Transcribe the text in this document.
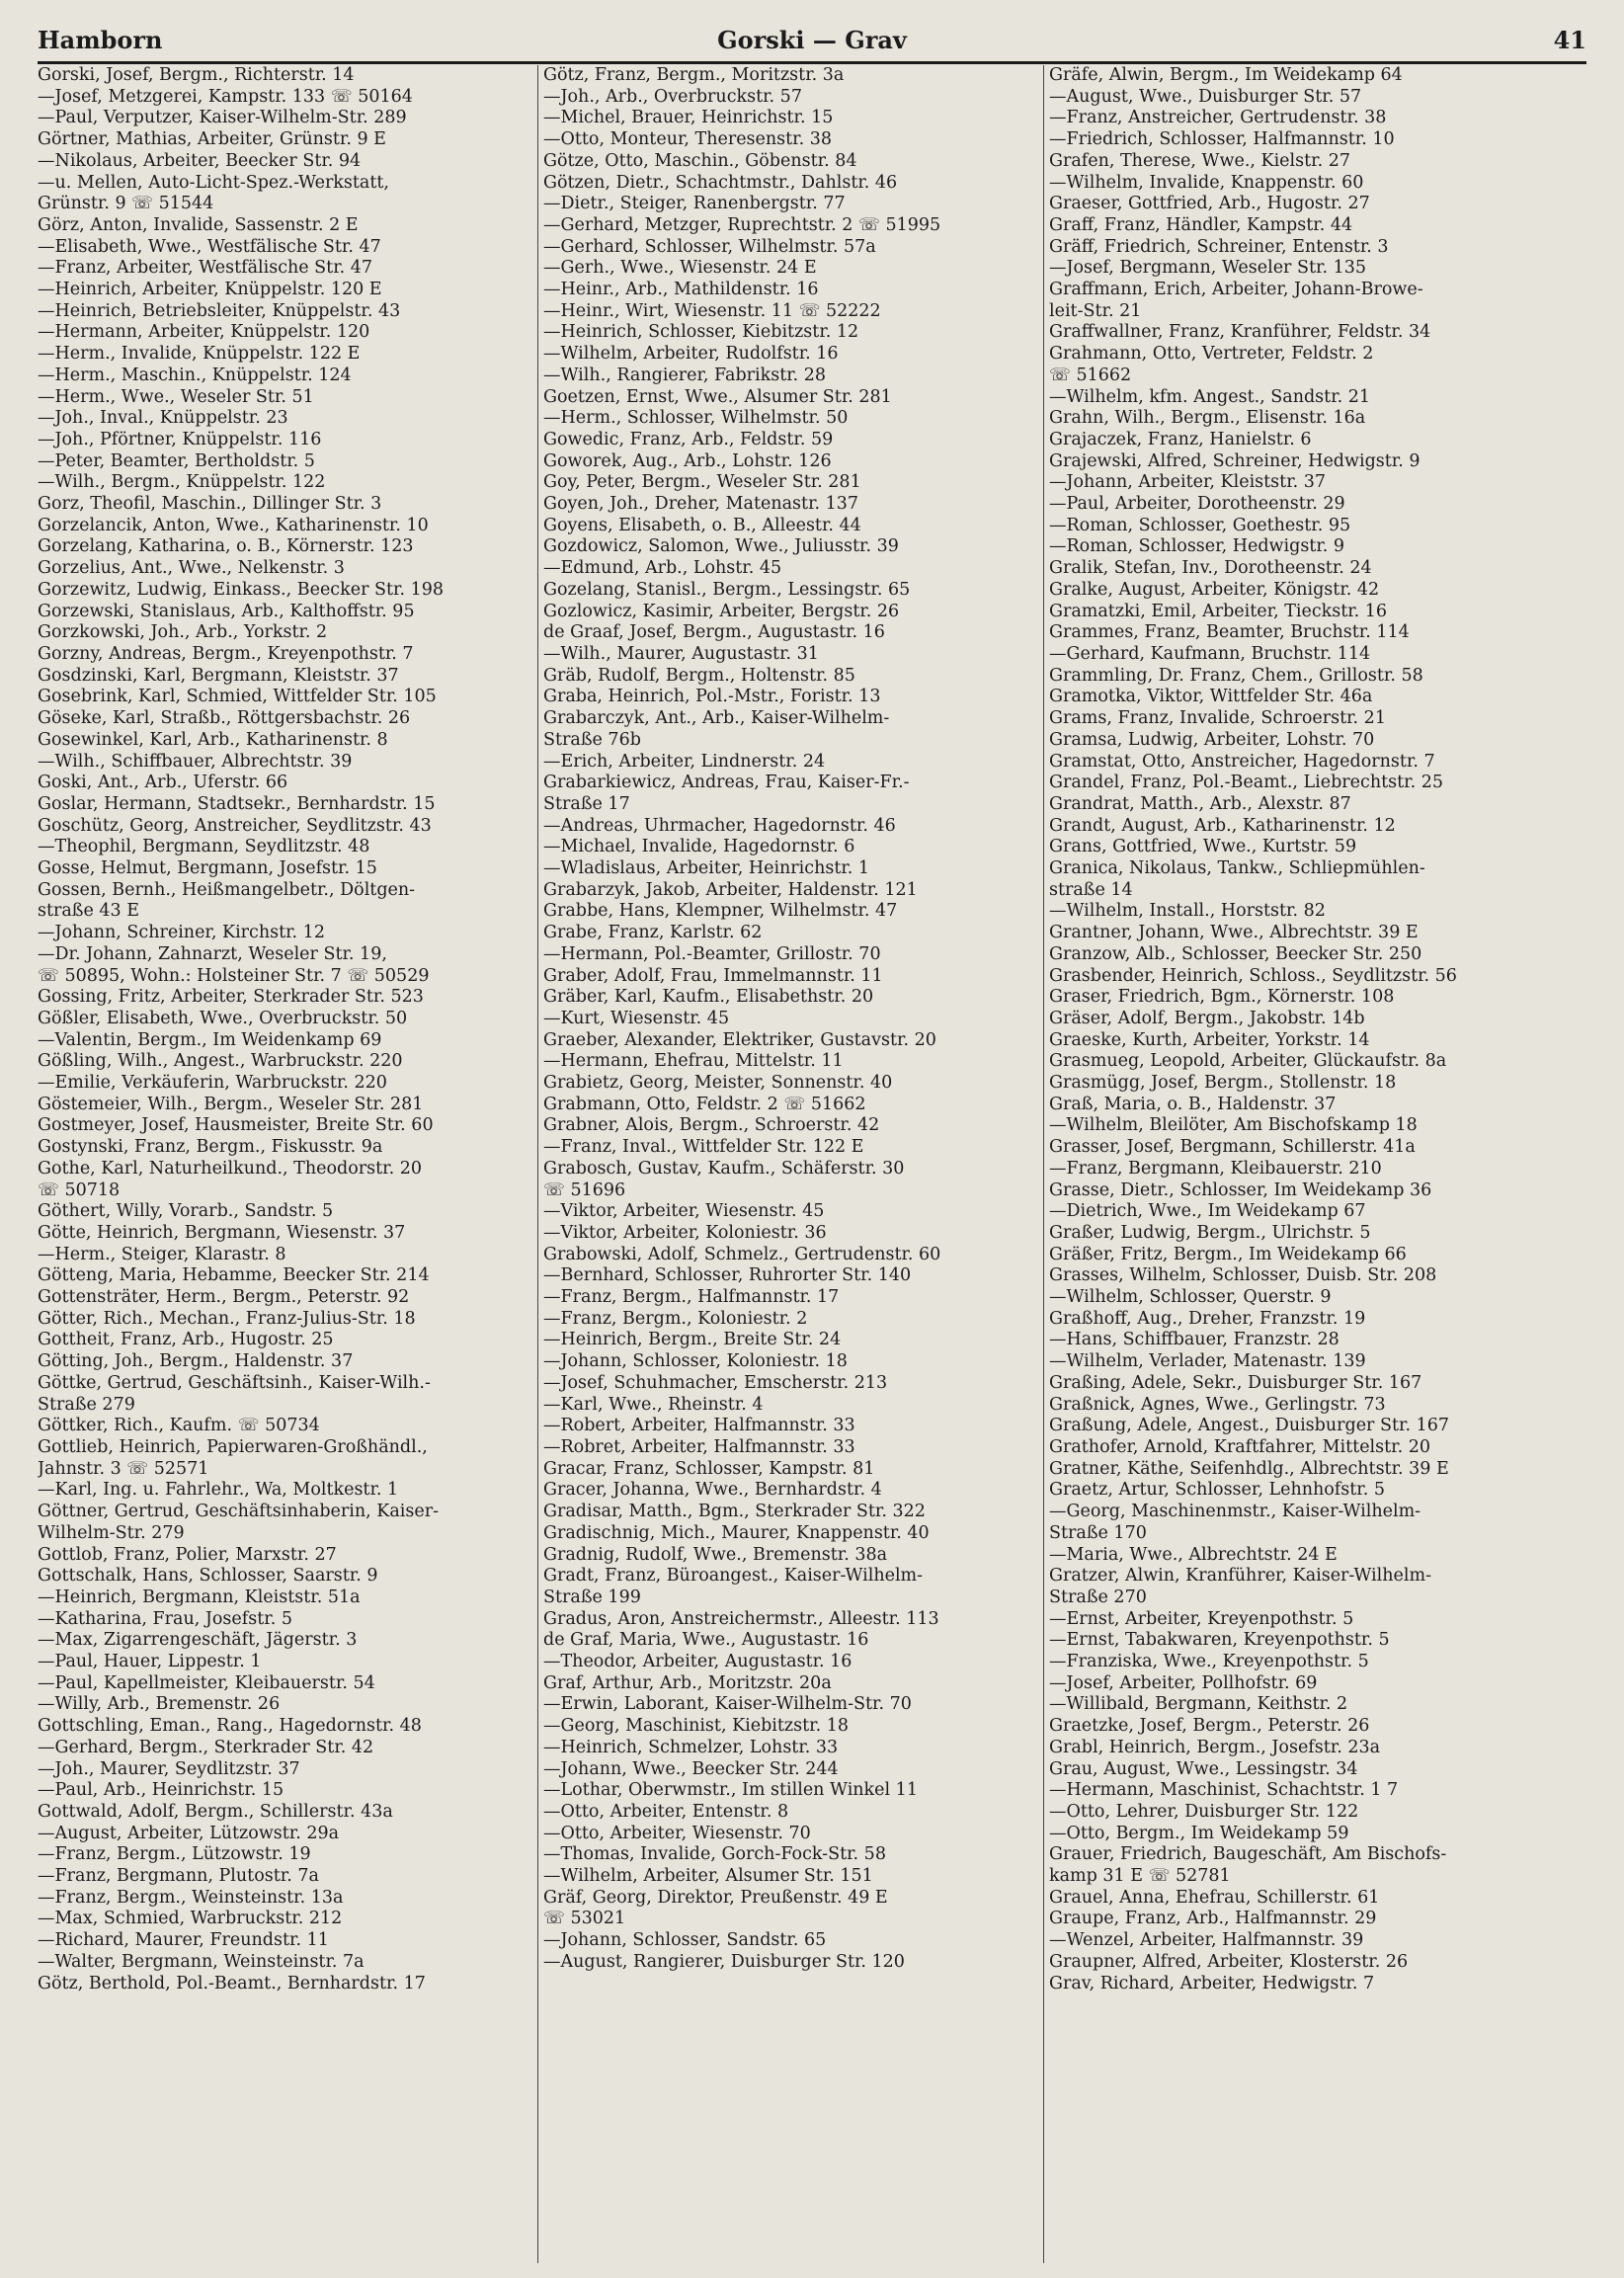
Hamborn	Gorski — Grav	41
Gorski, Josef, Bergm., Richterstr. 14
—Josef, Metzgerei, Kampstr. 133 ☏ 50164
—Paul, Verputzer, Kaiser-Wilhelm-Str. 289
Görtner, Mathias, Arbeiter, Grünstr. 9 E
—Nikolaus, Arbeiter, Beecker Str. 94
—u. Mellen, Auto-Licht-Spez.-Werkstatt,
Grünstr. 9 ☏ 51544
Görz, Anton, Invalide, Sassenstr. 2 E
—Elisabeth, Wwe., Westfälische Str. 47
—Franz, Arbeiter, Westfälische Str. 47
—Heinrich, Arbeiter, Knüppelstr. 120 E
—Heinrich, Betriebsleiter, Knüppelstr. 43
—Hermann, Arbeiter, Knüppelstr. 120
—Herm., Invalide, Knüppelstr. 122 E
—Herm., Maschin., Knüppelstr. 124
—Herm., Wwe., Weseler Str. 51
—Joh., Inval., Knüppelstr. 23
—Joh., Pförtner, Knüppelstr. 116
—Peter, Beamter, Bertholdstr. 5
—Wilh., Bergm., Knüppelstr. 122
Gorz, Theofil, Maschin., Dillinger Str. 3
Gorzelancik, Anton, Wwe., Katharinenstr. 10
Gorzelang, Katharina, o. B., Körnerstr. 123
Gorzelius, Ant., Wwe., Nelkenstr. 3
Gorzewitz, Ludwig, Einkass., Beecker Str. 198
Gorzewski, Stanislaus, Arb., Kalthoffstr. 95
Gorzkowski, Joh., Arb., Yorkstr. 2
Gorzny, Andreas, Bergm., Kreyenpothstr. 7
Gosdzinski, Karl, Bergmann, Kleiststr. 37
Gosebrink, Karl, Schmied, Wittfelder Str. 105
Göseke, Karl, Straßb., Röttgersbachstr. 26
Gosewinkel, Karl, Arb., Katharinenstr. 8
—Wilh., Schiffbauer, Albrechtstr. 39
Goski, Ant., Arb., Uferstr. 66
Goslar, Hermann, Stadtsekr., Bernhardstr. 15
Goschütz, Georg, Anstreicher, Seydlitzstr. 43
—Theophil, Bergmann, Seydlitzstr. 48
Gosse, Helmut, Bergmann, Josefstr. 15
Gossen, Bernh., Heißmangelbetr., Döltgen-
straße 43 E
—Johann, Schreiner, Kirchstr. 12
—Dr. Johann, Zahnarzt, Weseler Str. 19,
☏ 50895, Wohn.: Holsteiner Str. 7 ☏ 50529
Gossing, Fritz, Arbeiter, Sterkrader Str. 523
Gößler, Elisabeth, Wwe., Overbruckstr. 50
—Valentin, Bergm., Im Weidenkamp 69
Gößling, Wilh., Angest., Warbruckstr. 220
—Emilie, Verkäuferin, Warbruckstr. 220
Göstemeier, Wilh., Bergm., Weseler Str. 281
Gostmeyer, Josef, Hausmeister, Breite Str. 60
Gostynski, Franz, Bergm., Fiskusstr. 9a
Gothe, Karl, Naturheilkund., Theodorstr. 20
☏ 50718
Göthert, Willy, Vorarb., Sandstr. 5
Götte, Heinrich, Bergmann, Wiesenstr. 37
—Herm., Steiger, Klarastr. 8
Götteng, Maria, Hebamme, Beecker Str. 214
Gottensträter, Herm., Bergm., Peterstr. 92
Götter, Rich., Mechan., Franz-Julius-Str. 18
Gottheit, Franz, Arb., Hugostr. 25
Götting, Joh., Bergm., Haldenstr. 37
Göttke, Gertrud, Geschäftsinh., Kaiser-Wilh.-
Straße 279
Göttker, Rich., Kaufm. ☏ 50734
Gottlieb, Heinrich, Papierwaren-Großhändl.,
Jahnstr. 3 ☏ 52571
—Karl, Ing. u. Fahrlehr., Wa, Moltkestr. 1
Göttner, Gertrud, Geschäftsinhaberin, Kaiser-
Wilhelm-Str. 279
Gottlob, Franz, Polier, Marxstr. 27
Gottschalk, Hans, Schlosser, Saarstr. 9
—Heinrich, Bergmann, Kleiststr. 51a
—Katharina, Frau, Josefstr. 5
—Max, Zigarrengeschäft, Jägerstr. 3
—Paul, Hauer, Lippestr. 1
—Paul, Kapellmeister, Kleibauerstr. 54
—Willy, Arb., Bremenstr. 26
Gottschling, Eman., Rang., Hagedornstr. 48
—Gerhard, Bergm., Sterkrader Str. 42
—Joh., Maurer, Seydlitzstr. 37
—Paul, Arb., Heinrichstr. 15
Gottwald, Adolf, Bergm., Schillerstr. 43a
—August, Arbeiter, Lützowstr. 29a
—Franz, Bergm., Lützowstr. 19
—Franz, Bergmann, Plutostr. 7a
—Franz, Bergm., Weinsteinstr. 13a
—Max, Schmied, Warbruckstr. 212
—Richard, Maurer, Freundstr. 11
—Walter, Bergmann, Weinsteinstr. 7a
Götz, Berthold, Pol.-Beamt., Bernhardstr. 17
Götz, Franz, Bergm., Moritzstr. 3a
—Joh., Arb., Overbruckstr. 57
—Michel, Brauer, Heinrichstr. 15
—Otto, Monteur, Theresenstr. 38
Götze, Otto, Maschin., Göbenstr. 84
Götzen, Dietr., Schachtmstr., Dahlstr. 46
—Dietr., Steiger, Ranenbergstr. 77
—Gerhard, Metzger, Ruprechtstr. 2 ☏ 51995
—Gerhard, Schlosser, Wilhelmstr. 57a
—Gerh., Wwe., Wiesenstr. 24 E
—Heinr., Arb., Mathildenstr. 16
—Heinr., Wirt, Wiesenstr. 11 ☏ 52222
—Heinrich, Schlosser, Kiebitzstr. 12
—Wilhelm, Arbeiter, Rudolfstr. 16
—Wilh., Rangierer, Fabrikstr. 28
Goetzen, Ernst, Wwe., Alsumer Str. 281
—Herm., Schlosser, Wilhelmstr. 50
Gowedic, Franz, Arb., Feldstr. 59
Goworek, Aug., Arb., Lohstr. 126
Goy, Peter, Bergm., Weseler Str. 281
Goyen, Joh., Dreher, Matenastr. 137
Goyens, Elisabeth, o. B., Alleestr. 44
Gozdowicz, Salomon, Wwe., Juliusstr. 39
—Edmund, Arb., Lohstr. 45
Gozelang, Stanisl., Bergm., Lessingstr. 65
Gozlowicz, Kasimir, Arbeiter, Bergstr. 26
de Graaf, Josef, Bergm., Augustastr. 16
—Wilh., Maurer, Augustastr. 31
Gräb, Rudolf, Bergm., Holtenstr. 85
Graba, Heinrich, Pol.-Mstr., Foristr. 13
Grabarczyk, Ant., Arb., Kaiser-Wilhelm-
Straße 76b
—Erich, Arbeiter, Lindnerstr. 24
Grabarkiewicz, Andreas, Frau, Kaiser-Fr.-
Straße 17
—Andreas, Uhrmacher, Hagedornstr. 46
—Michael, Invalide, Hagedornstr. 6
—Wladislaus, Arbeiter, Heinrichstr. 1
Grabarzyk, Jakob, Arbeiter, Haldenstr. 121
Grabbe, Hans, Klempner, Wilhelmstr. 47
Grabe, Franz, Karlstr. 62
—Hermann, Pol.-Beamter, Grillostr. 70
Graber, Adolf, Frau, Immelmannstr. 11
Gräber, Karl, Kaufm., Elisabethstr. 20
—Kurt, Wiesenstr. 45
Graeber, Alexander, Elektriker, Gustavstr. 20
—Hermann, Ehefrau, Mittelstr. 11
Grabietz, Georg, Meister, Sonnenstr. 40
Grabmann, Otto, Feldstr. 2 ☏ 51662
Grabner, Alois, Bergm., Schroerstr. 42
—Franz, Inval., Wittfelder Str. 122 E
Grabosch, Gustav, Kaufm., Schäferstr. 30
☏ 51696
—Viktor, Arbeiter, Wiesenstr. 45
—Viktor, Arbeiter, Koloniestr. 36
Grabowski, Adolf, Schmelz., Gertrudenstr. 60
—Bernhard, Schlosser, Ruhrorter Str. 140
—Franz, Bergm., Halfmannstr. 17
—Franz, Bergm., Koloniestr. 2
—Heinrich, Bergm., Breite Str. 24
—Johann, Schlosser, Koloniestr. 18
—Josef, Schuhmacher, Emscherstr. 213
—Karl, Wwe., Rheinstr. 4
—Robert, Arbeiter, Halfmannstr. 33
—Robret, Arbeiter, Halfmannstr. 33
Gracar, Franz, Schlosser, Kampstr. 81
Gracer, Johanna, Wwe., Bernhardstr. 4
Gradisar, Matth., Bgm., Sterkrader Str. 322
Gradischnig, Mich., Maurer, Knappenstr. 40
Gradnig, Rudolf, Wwe., Bremenstr. 38a
Gradt, Franz, Büroangest., Kaiser-Wilhelm-
Straße 199
Gradus, Aron, Anstreichermstr., Alleestr. 113
de Graf, Maria, Wwe., Augustastr. 16
—Theodor, Arbeiter, Augustastr. 16
Graf, Arthur, Arb., Moritzstr. 20a
—Erwin, Laborant, Kaiser-Wilhelm-Str. 70
—Georg, Maschinist, Kiebitzstr. 18
—Heinrich, Schmelzer, Lohstr. 33
—Johann, Wwe., Beecker Str. 244
—Lothar, Oberwmstr., Im stillen Winkel 11
—Otto, Arbeiter, Entenstr. 8
—Otto, Arbeiter, Wiesenstr. 70
—Thomas, Invalide, Gorch-Fock-Str. 58
—Wilhelm, Arbeiter, Alsumer Str. 151
Gräf, Georg, Direktor, Preußenstr. 49 E
☏ 53021
—Johann, Schlosser, Sandstr. 65
—August, Rangierer, Duisburger Str. 120
Gräfe, Alwin, Bergm., Im Weidekamp 64
—August, Wwe., Duisburger Str. 57
—Franz, Anstreicher, Gertrudenstr. 38
—Friedrich, Schlosser, Halfmannstr. 10
Grafen, Therese, Wwe., Kielstr. 27
—Wilhelm, Invalide, Knappenstr. 60
Graeser, Gottfried, Arb., Hugostr. 27
Graff, Franz, Händler, Kampstr. 44
Gräff, Friedrich, Schreiner, Entenstr. 3
—Josef, Bergmann, Weseler Str. 135
Graffmann, Erich, Arbeiter, Johann-Browe-
leit-Str. 21
Graffwallner, Franz, Kranführer, Feldstr. 34
Grahmann, Otto, Vertreter, Feldstr. 2
☏ 51662
—Wilhelm, kfm. Angest., Sandstr. 21
Grahn, Wilh., Bergm., Elisenstr. 16a
Grajaczek, Franz, Hanielstr. 6
Grajewski, Alfred, Schreiner, Hedwigstr. 9
—Johann, Arbeiter, Kleiststr. 37
—Paul, Arbeiter, Dorotheenstr. 29
—Roman, Schlosser, Goethestr. 95
—Roman, Schlosser, Hedwigstr. 9
Gralik, Stefan, Inv., Dorotheenstr. 24
Gralke, August, Arbeiter, Königstr. 42
Gramatzki, Emil, Arbeiter, Tieckstr. 16
Grammes, Franz, Beamter, Bruchstr. 114
—Gerhard, Kaufmann, Bruchstr. 114
Grammling, Dr. Franz, Chem., Grillostr. 58
Gramotka, Viktor, Wittfelder Str. 46a
Grams, Franz, Invalide, Schroerstr. 21
Gramsa, Ludwig, Arbeiter, Lohstr. 70
Gramstat, Otto, Anstreicher, Hagedornstr. 7
Grandel, Franz, Pol.-Beamt., Liebrechtstr. 25
Grandrat, Matth., Arb., Alexstr. 87
Grandt, August, Arb., Katharinenstr. 12
Grans, Gottfried, Wwe., Kurtstr. 59
Granica, Nikolaus, Tankw., Schliepmühlen-
straße 14
—Wilhelm, Install., Horststr. 82
Grantner, Johann, Wwe., Albrechtstr. 39 E
Granzow, Alb., Schlosser, Beecker Str. 250
Grasbender, Heinrich, Schloss., Seydlitzstr. 56
Graser, Friedrich, Bgm., Körnerstr. 108
Gräser, Adolf, Bergm., Jakobstr. 14b
Graeske, Kurth, Arbeiter, Yorkstr. 14
Grasmueg, Leopold, Arbeiter, Glückaufstr. 8a
Grasmügg, Josef, Bergm., Stollenstr. 18
Graß, Maria, o. B., Haldenstr. 37
—Wilhelm, Bleilöter, Am Bischofskamp 18
Grasser, Josef, Bergmann, Schillerstr. 41a
—Franz, Bergmann, Kleibauerstr. 210
Grasse, Dietr., Schlosser, Im Weidekamp 36
—Dietrich, Wwe., Im Weidekamp 67
Graßer, Ludwig, Bergm., Ulrichstr. 5
Gräßer, Fritz, Bergm., Im Weidekamp 66
Grasses, Wilhelm, Schlosser, Duisb. Str. 208
—Wilhelm, Schlosser, Querstr. 9
Graßhoff, Aug., Dreher, Franzstr. 19
—Hans, Schiffbauer, Franzstr. 28
—Wilhelm, Verlader, Matenastr. 139
Graßing, Adele, Sekr., Duisburger Str. 167
Graßnick, Agnes, Wwe., Gerlingstr. 73
Graßung, Adele, Angest., Duisburger Str. 167
Grathofer, Arnold, Kraftfahrer, Mittelstr. 20
Gratner, Käthe, Seifenhdlg., Albrechtstr. 39 E
Graetz, Artur, Schlosser, Lehnhofstr. 5
—Georg, Maschinenmstr., Kaiser-Wilhelm-
Straße 170
—Maria, Wwe., Albrechtstr. 24 E
Gratzer, Alwin, Kranführer, Kaiser-Wilhelm-
Straße 270
—Ernst, Arbeiter, Kreyenpothstr. 5
—Ernst, Tabakwaren, Kreyenpothstr. 5
—Franziska, Wwe., Kreyenpothstr. 5
—Josef, Arbeiter, Pollhofstr. 69
—Willibald, Bergmann, Keithstr. 2
Graetzke, Josef, Bergm., Peterstr. 26
Grabl, Heinrich, Bergm., Josefstr. 23a
Grau, August, Wwe., Lessingstr. 34
—Hermann, Maschinist, Schachtstr. 1 7
—Otto, Lehrer, Duisburger Str. 122
—Otto, Bergm., Im Weidekamp 59
Grauer, Friedrich, Baugeschäft, Am Bischofs-
kamp 31 E ☏ 52781
Grauel, Anna, Ehefrau, Schillerstr. 61
Graupe, Franz, Arb., Halfmannstr. 29
—Wenzel, Arbeiter, Halfmannstr. 39
Graupner, Alfred, Arbeiter, Klosterstr. 26
Grav, Richard, Arbeiter, Hedwigstr. 7
